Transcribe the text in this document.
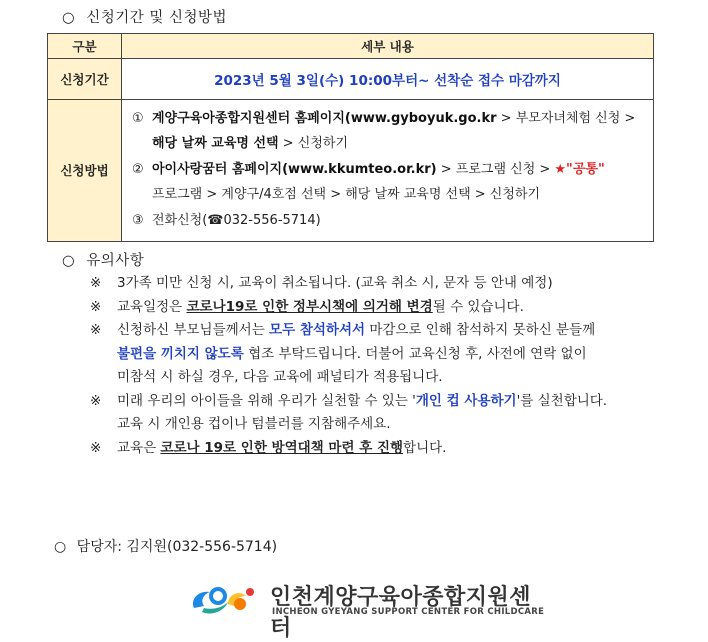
○ 신청기간 및 신청방법
구분	세부 내용
신청기간	2023년 5월 3일(수) 10:00부터~ 선착순 접수 마감까지
신청방법	① 계양구육아종합지원센터 홈페이지(www.gyboyuk.go.kr > 부모자녀체험 신청 >
해당 날짜 교육명 선택 > 신청하기
② 아이사랑꿈터 홈페이지(www.kkumteo.or.kr) > 프로그램 신청 > ★"공통"
프로그램 > 계양구/4호점 선택 > 해당 날짜 교육명 선택 > 신청하기
③ 전화신청(☎032-556-5714)
○ 유의사항
※ 3가족 미만 신청 시, 교육이 취소됩니다. (교육 취소 시, 문자 등 안내 예정)
※ 교육일정은 코로나19로 인한 정부시책에 의거해 변경될 수 있습니다.
※ 신청하신 부모님들께서는 모두 참석하셔서 마감으로 인해 참석하지 못하신 분들께
불편을 끼치지 않도록 협조 부탁드립니다. 더불어 교육신청 후, 사전에 연락 없이
미참석 시 하실 경우, 다음 교육에 패널티가 적용됩니다.
※ 미래 우리의 아이들을 위해 우리가 실천할 수 있는 '개인 컵 사용하기'를 실천합니다.
교육 시 개인용 컵이나 텀블러를 지참해주세요.
※ 교육은 코로나 19로 인한 방역대책 마련 후 진행합니다.
○ 담당자: 김지원(032-556-5714)
인천계양구육아종합지원센터
INCHEON GYEYANG SUPPORT CENTER FOR CHILDCARE
